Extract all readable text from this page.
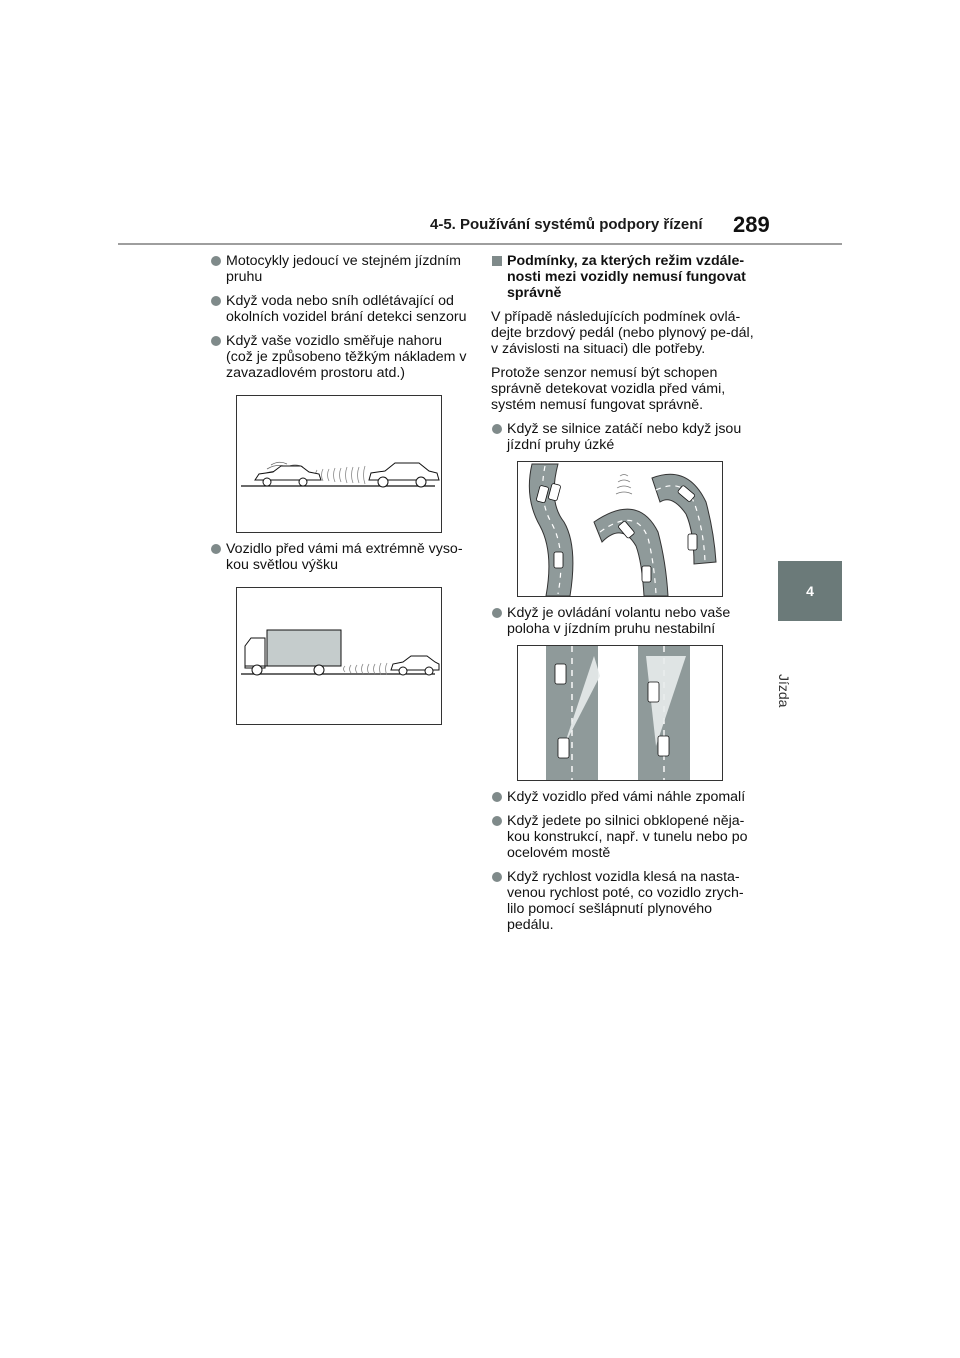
4-5. Používání systémů podpory řízení	289
4
Jízda
Motocykly jedoucí ve stejném jízdním pruhu
Když voda nebo sníh odlétávající od okolních vozidel brání detekci senzoru
Když vaše vozidlo směřuje nahoru (což je způsobeno těžkým nákladem v zavazadlovém prostoru atd.)
Vozidlo před vámi má extrémně vyso-kou světlou výšku
Podmínky, za kterých režim vzdále-nosti mezi vozidly nemusí fungovat správně
V případě následujících podmínek ovlá-dejte brzdový pedál (nebo plynový pe-dál, v závislosti na situaci) dle potřeby.
Protože senzor nemusí být schopen správně detekovat vozidla před vámi, systém nemusí fungovat správně.
Když se silnice zatáčí nebo když jsou jízdní pruhy úzké
Když je ovládání volantu nebo vaše poloha v jízdním pruhu nestabilní
Když vozidlo před vámi náhle zpomalí
Když jedete po silnici obklopené něja-kou konstrukcí, např. v tunelu nebo po ocelovém mostě
Když rychlost vozidla klesá na nasta-venou rychlost poté, co vozidlo zrych-lilo pomocí sešlápnutí plynového pedálu.
